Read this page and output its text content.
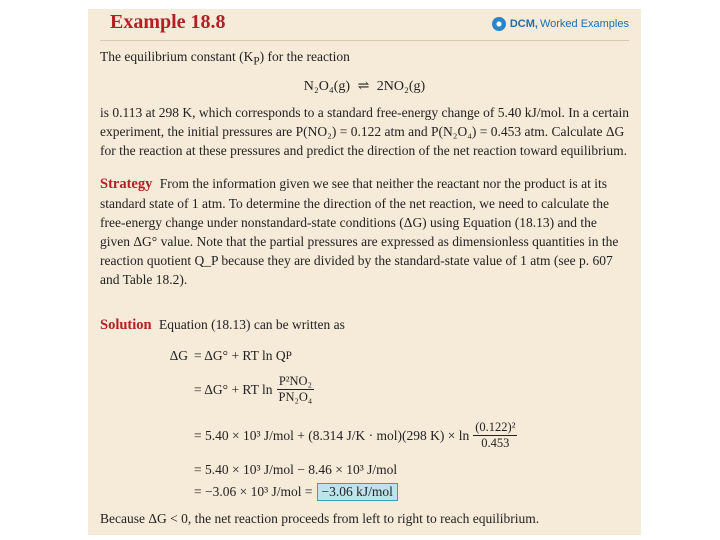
Example 18.8	DCM, Worked Examples

The equilibrium constant $(K_P)$ for the reaction

N₂O₄(g) ⇌ 2NO₂(g)

is 0.113 at 298 K, which corresponds to a standard free-energy change of 5.40 kJ/mol. In a certain experiment, the initial pressures are P(NO₂) = 0.122 atm and P(N₂O₄) = 0.453 atm. Calculate ΔG for the reaction at these pressures and predict the direction of the net reaction toward equilibrium.

Strategy From the information given we see that neither the reactant nor the product is at its standard state of 1 atm. To determine the direction of the net reaction, we need to calculate the free-energy change under nonstandard-state conditions (ΔG) using Equation (18.13) and the given ΔG° value. Note that the partial pressures are expressed as dimensionless quantities in the reaction quotient Q_P because they are divided by the standard-state value of 1 atm (see p. 607 and Table 18.2).

Solution Equation (18.13) can be written as

ΔG = ΔG° + RT ln Q P
= ΔG° + RT $\ln \frac{\text{P²NO₂}}{\text{PN₂O₄}}$
= 5.40 × 10³ J/mol + (8.314 J/K · mol)(298 $K) \times \ln \frac{\text{(0.122)²}}{0.453}$
= 5.40 × 10³ J/mol − 8.46 × 10³ J/mol
= −3.06 × 10³ J/mol = −3.06 kJ/mol
Because ΔG < 0, the net reaction proceeds from left to right to reach equilibrium.
